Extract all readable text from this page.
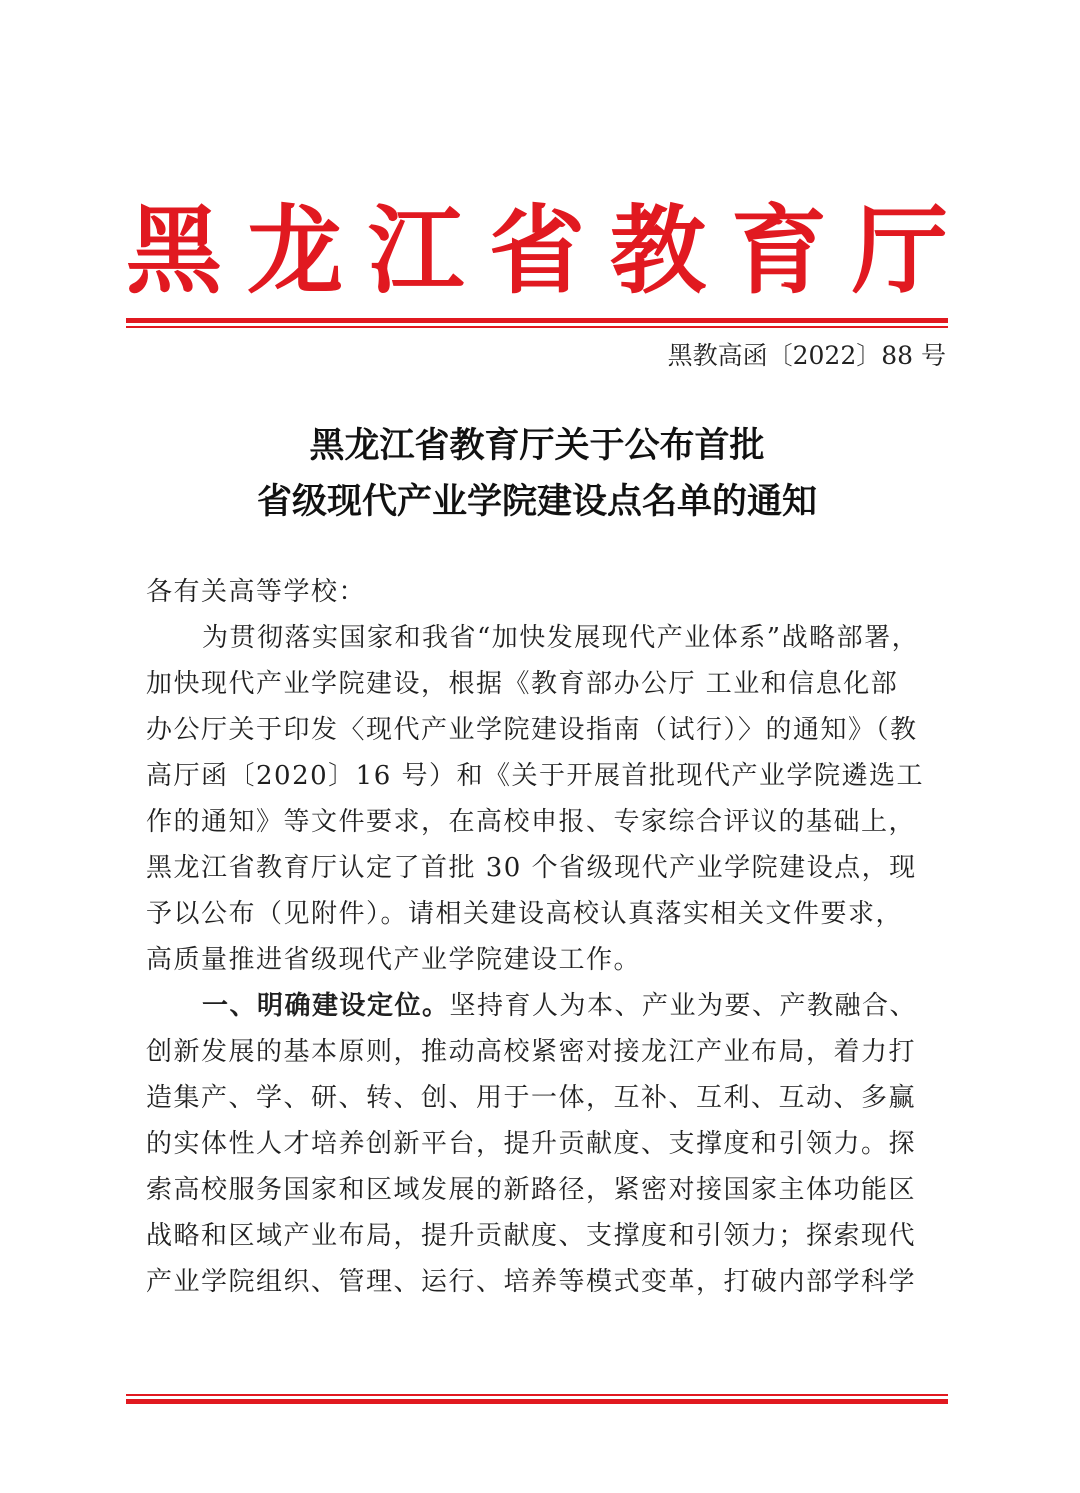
黑 龙 江 省 教 育 厅

黑教高函〔2022〕88 号

黑龙江省教育厅关于公布首批
省级现代产业学院建设点名单的通知
各有关高等学校：
为贯彻落实国家和我省“加快发展现代产业体系”战略部署，
加快现代产业学院建设，根据《教育部办公厅 工业和信息化部
办公厅关于印发〈现代产业学院建设指南（试行）〉的通知》（教
高厅函〔2020〕16 号）和《关于开展首批现代产业学院遴选工
作的通知》等文件要求，在高校申报、专家综合评议的基础上，
黑龙江省教育厅认定了首批 30 个省级现代产业学院建设点，现
予以公布（见附件）。请相关建设高校认真落实相关文件要求，
高质量推进省级现代产业学院建设工作。
一、明确建设定位。坚持育人为本、产业为要、产教融合、
创新发展的基本原则，推动高校紧密对接龙江产业布局，着力打
造集产、学、研、转、创、用于一体，互补、互利、互动、多赢
的实体性人才培养创新平台，提升贡献度、支撑度和引领力。探
索高校服务国家和区域发展的新路径，紧密对接国家主体功能区
战略和区域产业布局，提升贡献度、支撑度和引领力；探索现代
产业学院组织、管理、运行、培养等模式变革，打破内部学科学
